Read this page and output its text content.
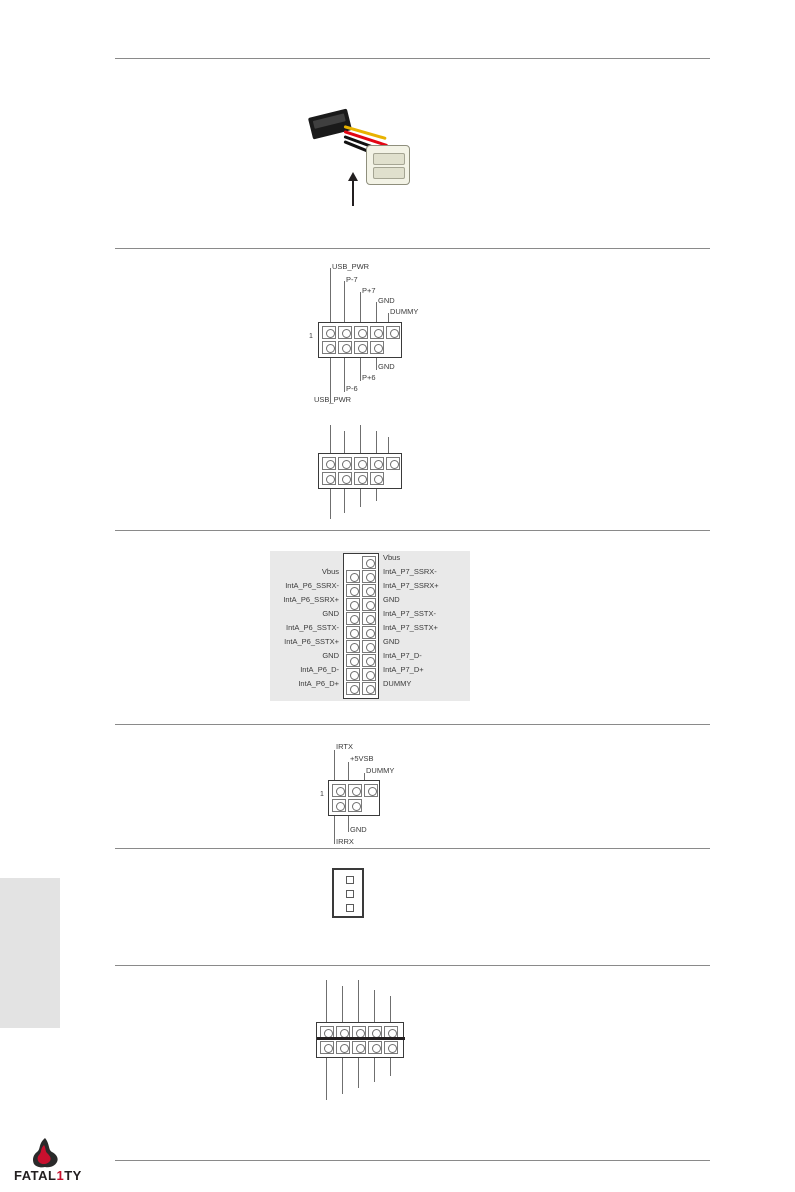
USB_PWR
P-7
P+7
GND
DUMMY
1
GND
P+6
P-6
USB_PWR
Vbus
IntA_P6_SSRX-
IntA_P6_SSRX+
GND
IntA_P6_SSTX-
IntA_P6_SSTX+
GND
IntA_P6_D-
IntA_P6_D+
Vbus
IntA_P7_SSRX-
IntA_P7_SSRX+
GND
IntA_P7_SSTX-
IntA_P7_SSTX+
GND
IntA_P7_D-
IntA_P7_D+
DUMMY
IRTX
+5VSB
DUMMY
1
GND
IRRX
FATAL1TY
